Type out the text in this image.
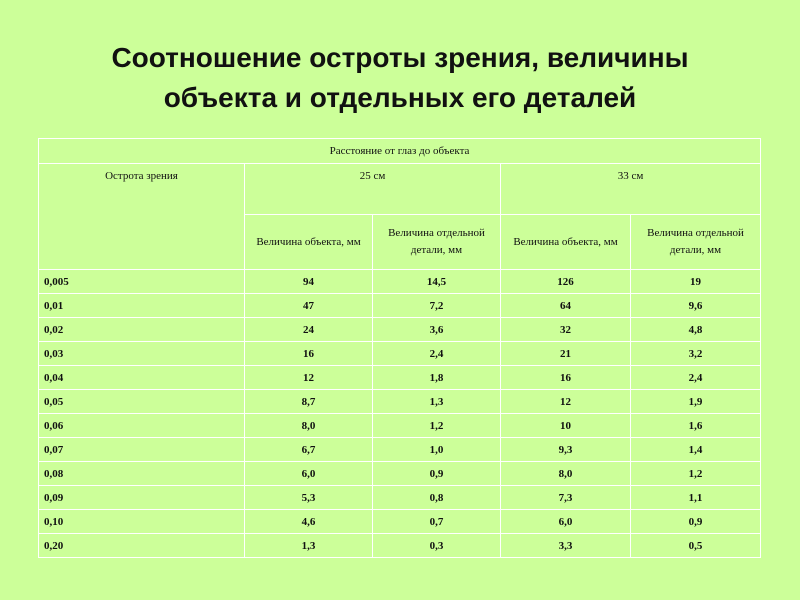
Соотношение остроты зрения, величины
объекта и отдельных его деталей
Расстояние от глаз до объекта				
Острота зрения	25 см		33 см	
	Величина объекта, мм	Величина отдельной детали, мм	Величина объекта, мм	Величина отдельной детали, мм
0,005	94	14,5	126	19
0,01	47	7,2	64	9,6
0,02	24	3,6	32	4,8
0,03	16	2,4	21	3,2
0,04	12	1,8	16	2,4
0,05	8,7	1,3	12	1,9
0,06	8,0	1,2	10	1,6
0,07	6,7	1,0	9,3	1,4
0,08	6,0	0,9	8,0	1,2
0,09	5,3	0,8	7,3	1,1
0,10	4,6	0,7	6,0	0,9
0,20	1,3	0,3	3,3	0,5
